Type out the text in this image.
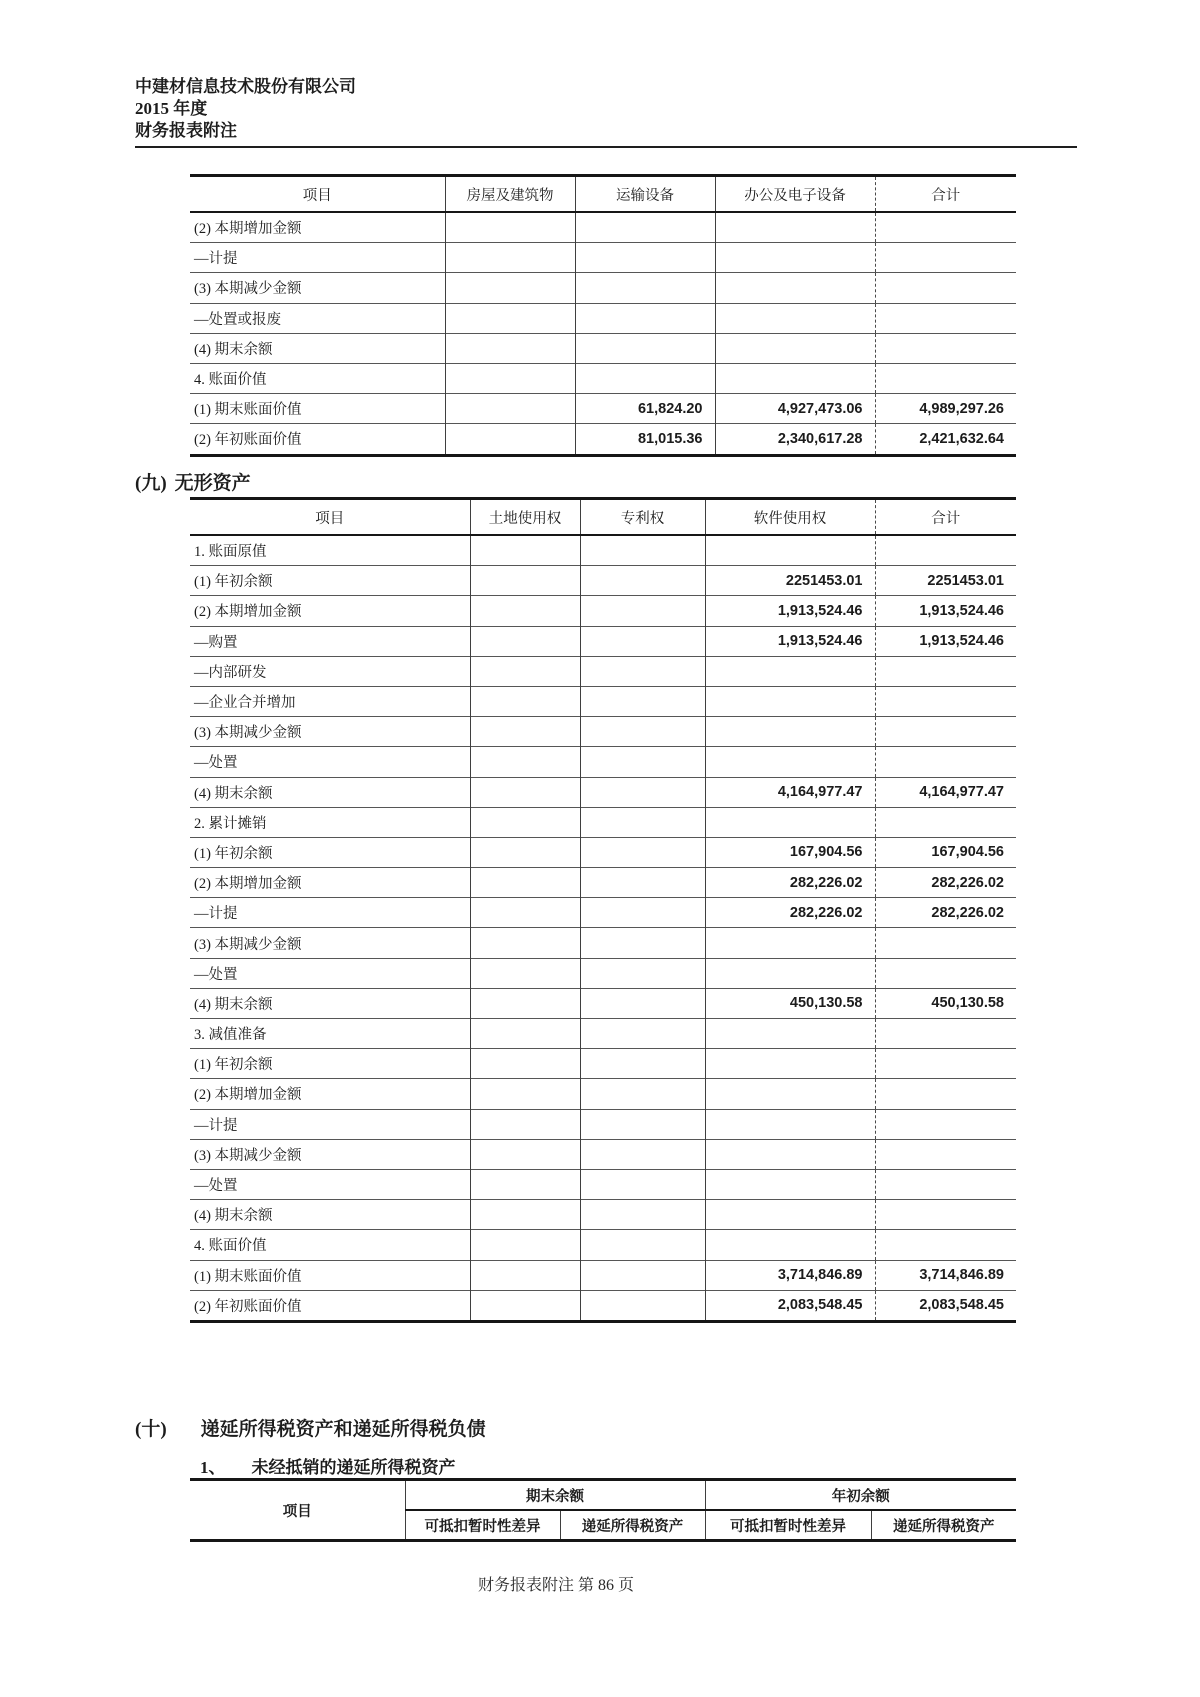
中建材信息技术股份有限公司
2015 年度
财务报表附注
项目	房屋及建筑物	运输设备	办公及电子设备	合计
(2) 本期增加金额				
—计提				
(3) 本期减少金额				
—处置或报废				
(4) 期末余额				
4. 账面价值				
(1) 期末账面价值		61,824.20	4,927,473.06	4,989,297.26
(2) 年初账面价值		81,015.36	2,340,617.28	2,421,632.64
(九) 无形资产
项目	土地使用权	专利权	软件使用权	合计
1. 账面原值				
(1) 年初余额			2251453.01	2251453.01
(2) 本期增加金额			1,913,524.46	1,913,524.46
—购置			1,913,524.46	1,913,524.46
—内部研发				
—企业合并增加				
(3) 本期减少金额				
—处置				
(4) 期末余额			4,164,977.47	4,164,977.47
2. 累计摊销				
(1) 年初余额			167,904.56	167,904.56
(2) 本期增加金额			282,226.02	282,226.02
—计提			282,226.02	282,226.02
(3) 本期减少金额				
—处置				
(4) 期末余额			450,130.58	450,130.58
3. 减值准备				
(1) 年初余额				
(2) 本期增加金额				
—计提				
(3) 本期减少金额				
—处置				
(4) 期末余额				
4. 账面价值				
(1) 期末账面价值			3,714,846.89	3,714,846.89
(2) 年初账面价值			2,083,548.45	2,083,548.45
(十) 递延所得税资产和递延所得税负债
1、 未经抵销的递延所得税资产
项目	期末余额		年初余额	
	可抵扣暂时性差异	递延所得税资产	可抵扣暂时性差异	递延所得税资产
财务报表附注 第 86 页
